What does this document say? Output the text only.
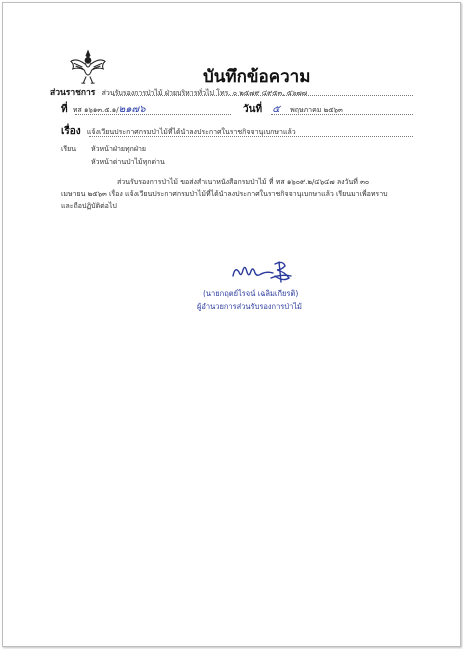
บันทึกข้อความ
ส่วนราชการ ส่วนรับรองการป่าไม้ ฝ่ายบริหารทั่วไป โทร. ๐ ๒๕๗๙ ๔๙๕๓, ๕๖๗๗
ที่ ทส ๑๖๑๓.๕.๑/๒๑๗๖	วันที่ ๕ พฤษภาคม ๒๕๖๓
เรื่อง แจ้งเวียนประกาศกรมป่าไม้ที่ได้นำลงประกาศในราชกิจจานุเบกษาแล้ว
เรียน หัวหน้าฝ่ายทุกฝ่าย
หัวหน้าด่านป่าไม้ทุกด่าน
ส่วนรับรองการป่าไม้ ขอส่งสำเนาหนังสือกรมป่าไม้ ที่ ทส ๑๖๐๙.๒/๔๖๔๗ ลงวันที่ ๓๐
เมษายน ๒๕๖๓ เรื่อง แจ้งเวียนประกาศกรมป่าไม้ที่ได้นำลงประกาศในราชกิจจานุเบกษาแล้ว เรียนมาเพื่อทราบ
และถือปฏิบัติต่อไป
(นายกฤตย์ไรจน์ เฉลิมเกียรติ)
ผู้อำนวยการส่วนรับรองการป่าไม้
